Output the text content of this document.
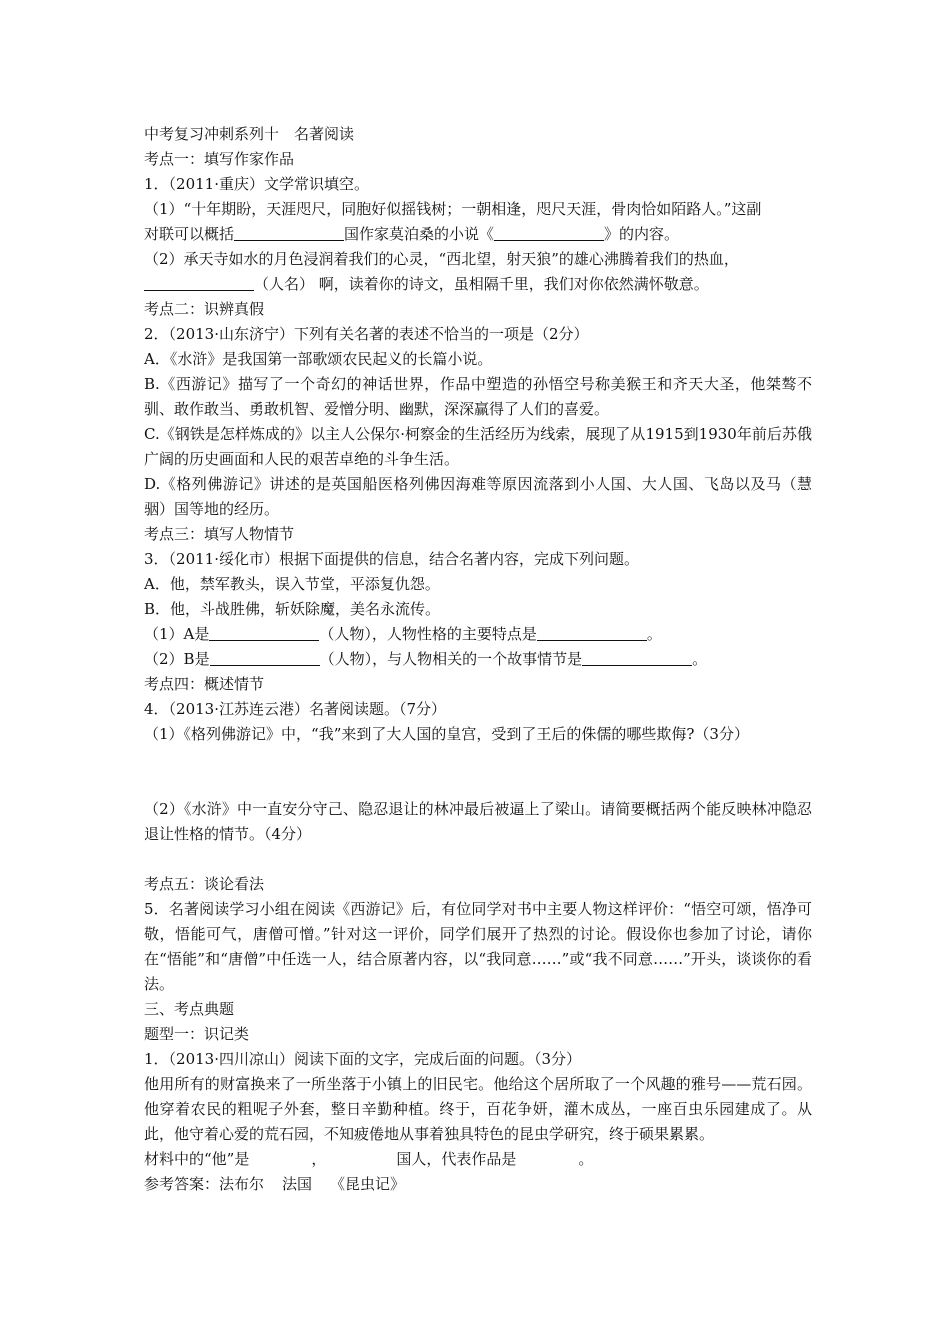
中考复习冲刺系列十　名著阅读
考点一：填写作家作品
1．（2011·重庆）文学常识填空。
（1）“十年期盼，天涯咫尺，同胞好似摇钱树；一朝相逢，咫尺天涯，骨肉恰如陌路人。”这副
对联可以概括	国作家莫泊桑的小说《	》的内容。
（2）承天寺如水的月色浸润着我们的心灵，“西北望，射天狼”的雄心沸腾着我们的热血，
（人名） 啊，读着你的诗文，虽相隔千里，我们对你依然满怀敬意。
考点二：识辨真假
2．（2013·山东济宁）下列有关名著的表述不恰当的一项是（2分）
A．《水浒》是我国第一部歌颂农民起义的长篇小说。
B.《西游记》描写了一个奇幻的神话世界，作品中塑造的孙悟空号称美猴王和齐天大圣，他桀骜不驯、敢作敢当、勇敢机智、爱憎分明、幽默，深深赢得了人们的喜爱。
C.《钢铁是怎样炼成的》以主人公保尔·柯察金的生活经历为线索，展现了从1915到1930年前后苏俄广阔的历史画面和人民的艰苦卓绝的斗争生活。
D.《格列佛游记》讲述的是英国船医格列佛因海难等原因流落到小人国、大人国、飞岛以及马（慧骃）国等地的经历。
考点三：填写人物情节
3．（2011·绥化市）根据下面提供的信息，结合名著内容，完成下列问题。
A．他，禁军教头，误入节堂，平添复仇怨。
B．他，斗战胜佛，斩妖除魔，美名永流传。
（1）A是	（人物），人物性格的主要特点是	。
（2）B是	（人物），与人物相关的一个故事情节是	。
考点四：概述情节
4．（2013·江苏连云港）名著阅读题。（7分）
（1）《格列佛游记》中，“我”来到了大人国的皇宫，受到了王后的侏儒的哪些欺侮?（3分）
（2）《水浒》中一直安分守己、隐忍退让的林冲最后被逼上了梁山。请简要概括两个能反映林冲隐忍退让性格的情节。（4分）
考点五：谈论看法
5．名著阅读学习小组在阅读《西游记》后，有位同学对书中主要人物这样评价：“悟空可颂，悟净可敬，悟能可气，唐僧可憎。”针对这一评价，同学们展开了热烈的讨论。假设你也参加了讨论，请你在“悟能”和“唐僧”中任选一人，结合原著内容，以“我同意……”或“我不同意……”开头，谈谈你的看法。
三、考点典题
题型一：识记类
1．（2013·四川凉山）阅读下面的文字，完成后面的问题。（3分）
他用所有的财富换来了一所坐落于小镇上的旧民宅。他给这个居所取了一个风趣的雅号——荒石园。他穿着农民的粗呢子外套，整日辛勤种植。终于，百花争妍，灌木成丛，一座百虫乐园建成了。从此，他守着心爱的荒石园，不知疲倦地从事着独具特色的昆虫学研究，终于硕果累累。
材料中的“他”是	，	国人，代表作品是	。
参考答案：法布尔 法国 《昆虫记》
